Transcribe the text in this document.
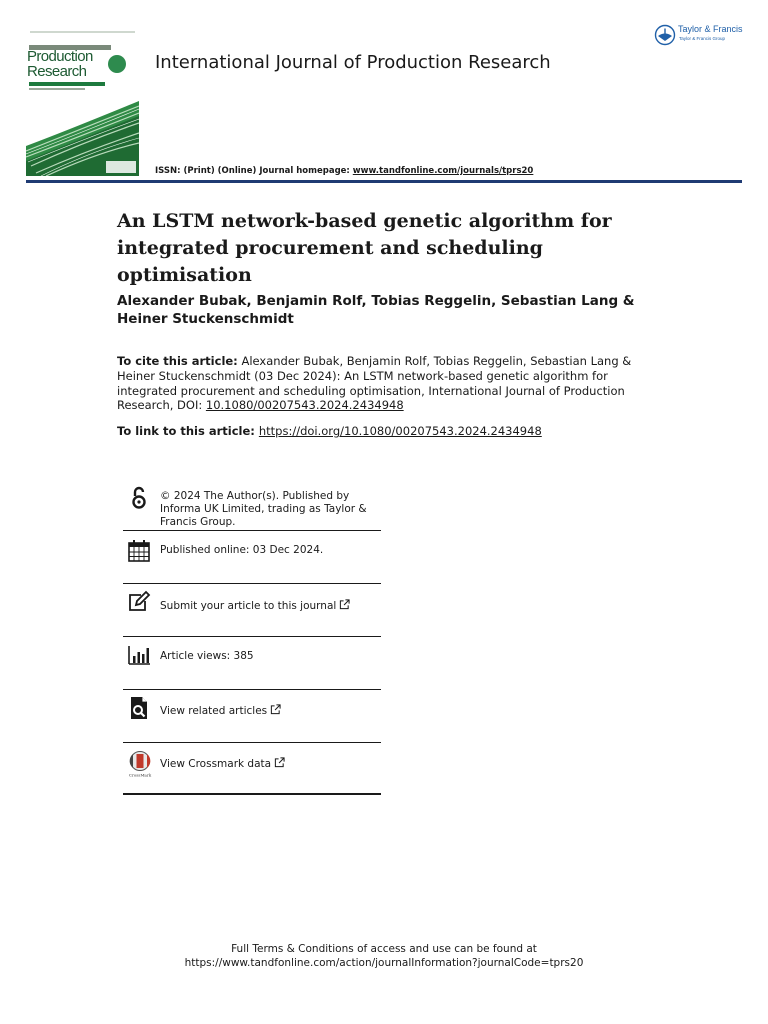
Production
Research
Taylor & Francis
Taylor & Francis Group
International Journal of Production Research
ISSN: (Print) (Online) Journal homepage: www.tandfonline.com/journals/tprs20
An LSTM network-based genetic algorithm for integrated procurement and scheduling optimisation
Alexander Bubak, Benjamin Rolf, Tobias Reggelin, Sebastian Lang & Heiner Stuckenschmidt
To cite this article: Alexander Bubak, Benjamin Rolf, Tobias Reggelin, Sebastian Lang & Heiner Stuckenschmidt (03 Dec 2024): An LSTM network-based genetic algorithm for integrated procurement and scheduling optimisation, International Journal of Production Research, DOI: 10.1080/00207543.2024.2434948
To link to this article: https://doi.org/10.1080/00207543.2024.2434948
© 2024 The Author(s). Published by Informa UK Limited, trading as Taylor & Francis Group.
Published online: 03 Dec 2024.
Submit your article to this journal
Article views: 385
View related articles
CrossMark
View Crossmark data
Full Terms & Conditions of access and use can be found at
https://www.tandfonline.com/action/journalInformation?journalCode=tprs20
